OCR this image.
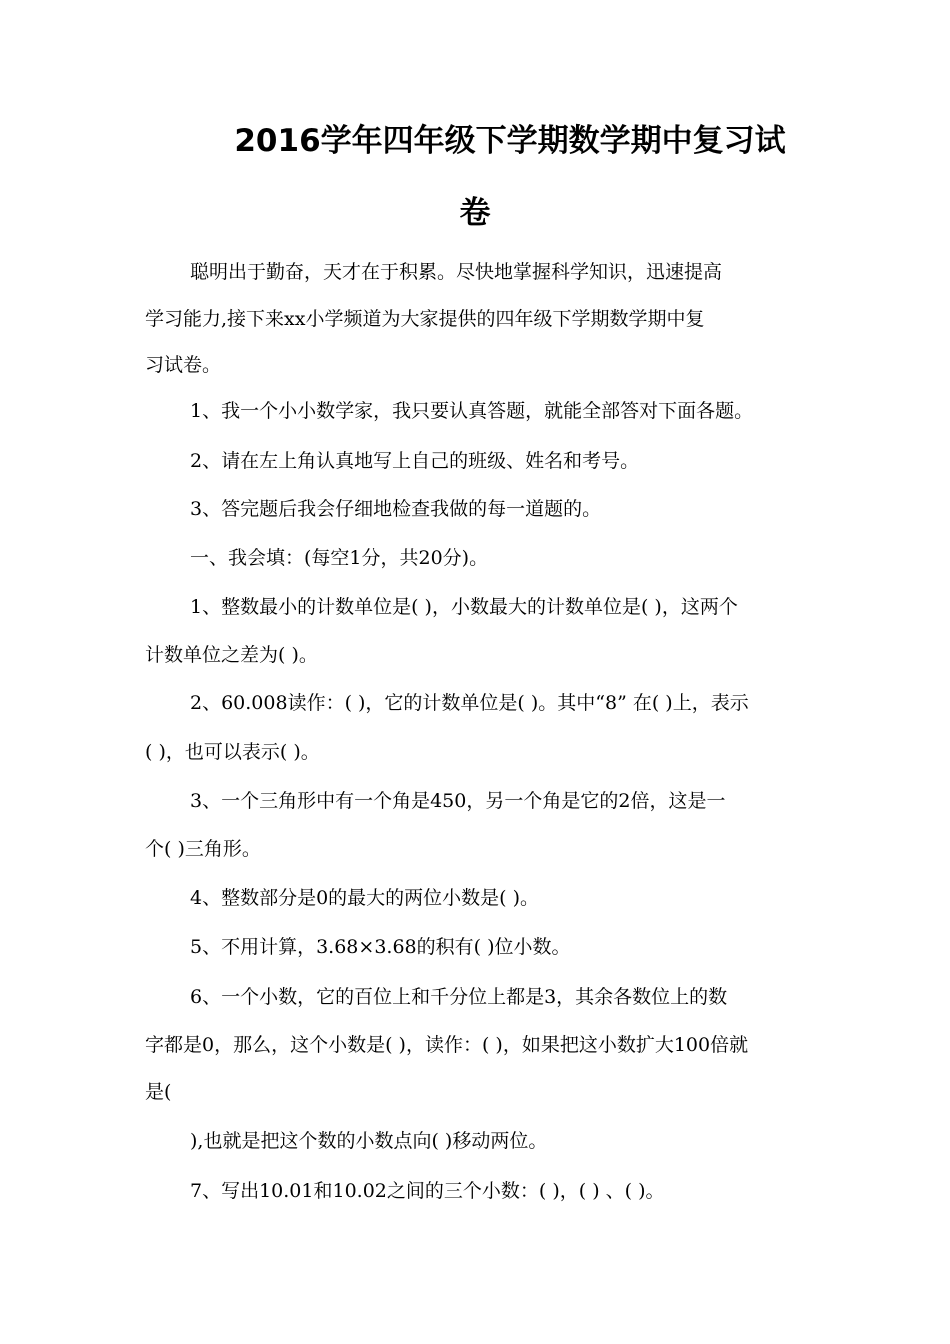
2016学年四年级下学期数学期中复习试
卷

聪明出于勤奋，天才在于积累。尽快地掌握科学知识，迅速提高

学习能力,接下来xx小学频道为大家提供的四年级下学期数学期中复

习试卷。

1、我一个小小数学家，我只要认真答题，就能全部答对下面各题。

2、请在左上角认真地写上自己的班级、姓名和考号。

3、答完题后我会仔细地检查我做的每一道题的。

一、我会填：(每空1分，共20分)。

1、整数最小的计数单位是( )，小数最大的计数单位是( )，这两个

计数单位之差为( )。

2、60.008读作：( )，它的计数单位是( )。其中“8” 在( )上，表示

( )，也可以表示( )。

3、一个三角形中有一个角是450，另一个角是它的2倍，这是一

个( )三角形。

4、整数部分是0的最大的两位小数是( )。

5、不用计算，3.68×3.68的积有( )位小数。

6、一个小数，它的百位上和千分位上都是3，其余各数位上的数

字都是0，那么，这个小数是( )，读作：( )，如果把这小数扩大100倍就

是(

),也就是把这个数的小数点向( )移动两位。

7、写出10.01和10.02之间的三个小数：( )，( ) 、( )。
